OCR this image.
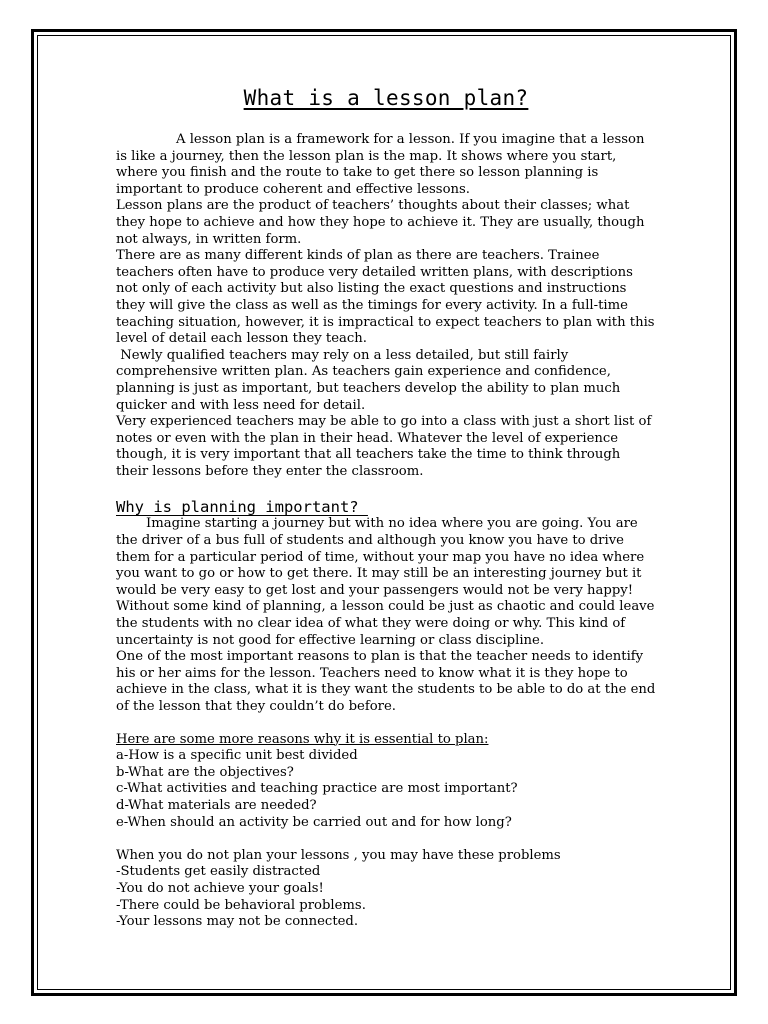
What is a lesson plan?

A lesson plan is a framework for a lesson. If you imagine that a lesson is like a journey, then the lesson plan is the map. It shows where you start, where you finish and the route to take to get there so lesson planning is important to produce coherent and effective lessons.

Lesson plans are the product of teachers’ thoughts about their classes; what they hope to achieve and how they hope to achieve it. They are usually, though not always, in written form.

There are as many different kinds of plan as there are teachers. Trainee teachers often have to produce very detailed written plans, with descriptions not only of each activity but also listing the exact questions and instructions they will give the class as well as the timings for every activity. In a full-time teaching situation, however, it is impractical to expect teachers to plan with this level of detail each lesson they teach.

Newly qualified teachers may rely on a less detailed, but still fairly comprehensive written plan. As teachers gain experience and confidence, planning is just as important, but teachers develop the ability to plan much quicker and with less need for detail.

Very experienced teachers may be able to go into a class with just a short list of notes or even with the plan in their head. Whatever the level of experience though, it is very important that all teachers take the time to think through their lessons before they enter the classroom.

Why is planning important?

Imagine starting a journey but with no idea where you are going. You are the driver of a bus full of students and although you know you have to drive them for a particular period of time, without your map you have no idea where you want to go or how to get there. It may still be an interesting journey but it would be very easy to get lost and your passengers would not be very happy!

Without some kind of planning, a lesson could be just as chaotic and could leave the students with no clear idea of what they were doing or why. This kind of uncertainty is not good for effective learning or class discipline.

One of the most important reasons to plan is that the teacher needs to identify his or her aims for the lesson. Teachers need to know what it is they hope to achieve in the class, what it is they want the students to be able to do at the end of the lesson that they couldn’t do before.

Here are some more reasons why it is essential to plan:

a-How is a specific unit best divided
b-What are the objectives?
c-What activities and teaching practice are most important?
d-What materials are needed?
e-When should an activity be carried out and for how long?

When you do not plan your lessons , you may have these problems

-Students get easily distracted
-You do not achieve your goals!
-There could be behavioral problems.
-Your lessons may not be connected.
